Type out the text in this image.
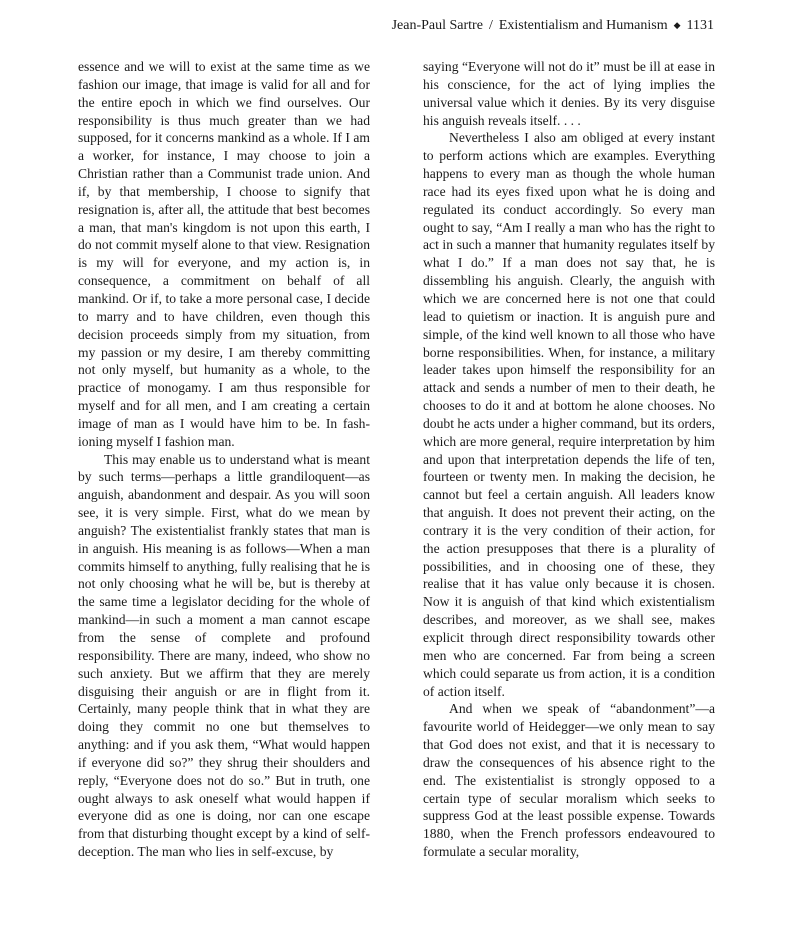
Jean-Paul Sartre / Existentialism and Humanism ◆ 1131

essence and we will to exist at the same time as we fashion our image, that image is valid for all and for the entire epoch in which we find ourselves. Our responsibility is thus much greater than we had supposed, for it concerns mankind as a whole. If I am a worker, for instance, I may choose to join a Christian rather than a Communist trade union. And if, by that membership, I choose to signify that resignation is, after all, the attitude that best becomes a man, that man's kingdom is not upon this earth, I do not commit myself alone to that view. Resignation is my will for everyone, and my action is, in consequence, a commitment on behalf of all mankind. Or if, to take a more personal case, I decide to marry and to have children, even though this decision proceeds simply from my situation, from my passion or my desire, I am thereby committing not only myself, but humanity as a whole, to the practice of monogamy. I am thus responsible for myself and for all men, and I am creating a certain image of man as I would have him to be. In fashioning myself I fashion man.

This may enable us to understand what is meant by such terms—perhaps a little grandiloquent—as anguish, abandonment and despair. As you will soon see, it is very simple. First, what do we mean by anguish? The existentialist frankly states that man is in anguish. His meaning is as follows—When a man commits himself to anything, fully realising that he is not only choosing what he will be, but is thereby at the same time a legislator deciding for the whole of mankind—in such a moment a man cannot escape from the sense of complete and profound responsibility. There are many, indeed, who show no such anxiety. But we affirm that they are merely disguising their anguish or are in flight from it. Certainly, many people think that in what they are doing they commit no one but themselves to anything: and if you ask them, “What would happen if everyone did so?” they shrug their shoulders and reply, “Everyone does not do so.” But in truth, one ought always to ask oneself what would happen if everyone did as one is doing, nor can one escape from that disturbing thought except by a kind of self-deception. The man who lies in self-excuse, by

saying “Everyone will not do it” must be ill at ease in his conscience, for the act of lying implies the universal value which it denies. By its very disguise his anguish reveals itself. . . .

Nevertheless I also am obliged at every instant to perform actions which are examples. Everything happens to every man as though the whole human race had its eyes fixed upon what he is doing and regulated its conduct accordingly. So every man ought to say, “Am I really a man who has the right to act in such a manner that humanity regulates itself by what I do.” If a man does not say that, he is dissembling his anguish. Clearly, the anguish with which we are concerned here is not one that could lead to quietism or inaction. It is anguish pure and simple, of the kind well known to all those who have borne responsibilities. When, for instance, a military leader takes upon himself the responsibility for an attack and sends a number of men to their death, he chooses to do it and at bottom he alone chooses. No doubt he acts under a higher command, but its orders, which are more general, require interpretation by him and upon that interpretation depends the life of ten, fourteen or twenty men. In making the decision, he cannot but feel a certain anguish. All leaders know that anguish. It does not prevent their acting, on the contrary it is the very condition of their action, for the action presupposes that there is a plurality of possibilities, and in choosing one of these, they realise that it has value only because it is chosen. Now it is anguish of that kind which existentialism describes, and moreover, as we shall see, makes explicit through direct responsibility towards other men who are concerned. Far from being a screen which could separate us from action, it is a condition of action itself.

And when we speak of “abandonment”—a favourite world of Heidegger—we only mean to say that God does not exist, and that it is necessary to draw the consequences of his absence right to the end. The existentialist is strongly opposed to a certain type of secular moralism which seeks to suppress God at the least possible expense. Towards 1880, when the French professors endeavoured to formulate a secular morality,
